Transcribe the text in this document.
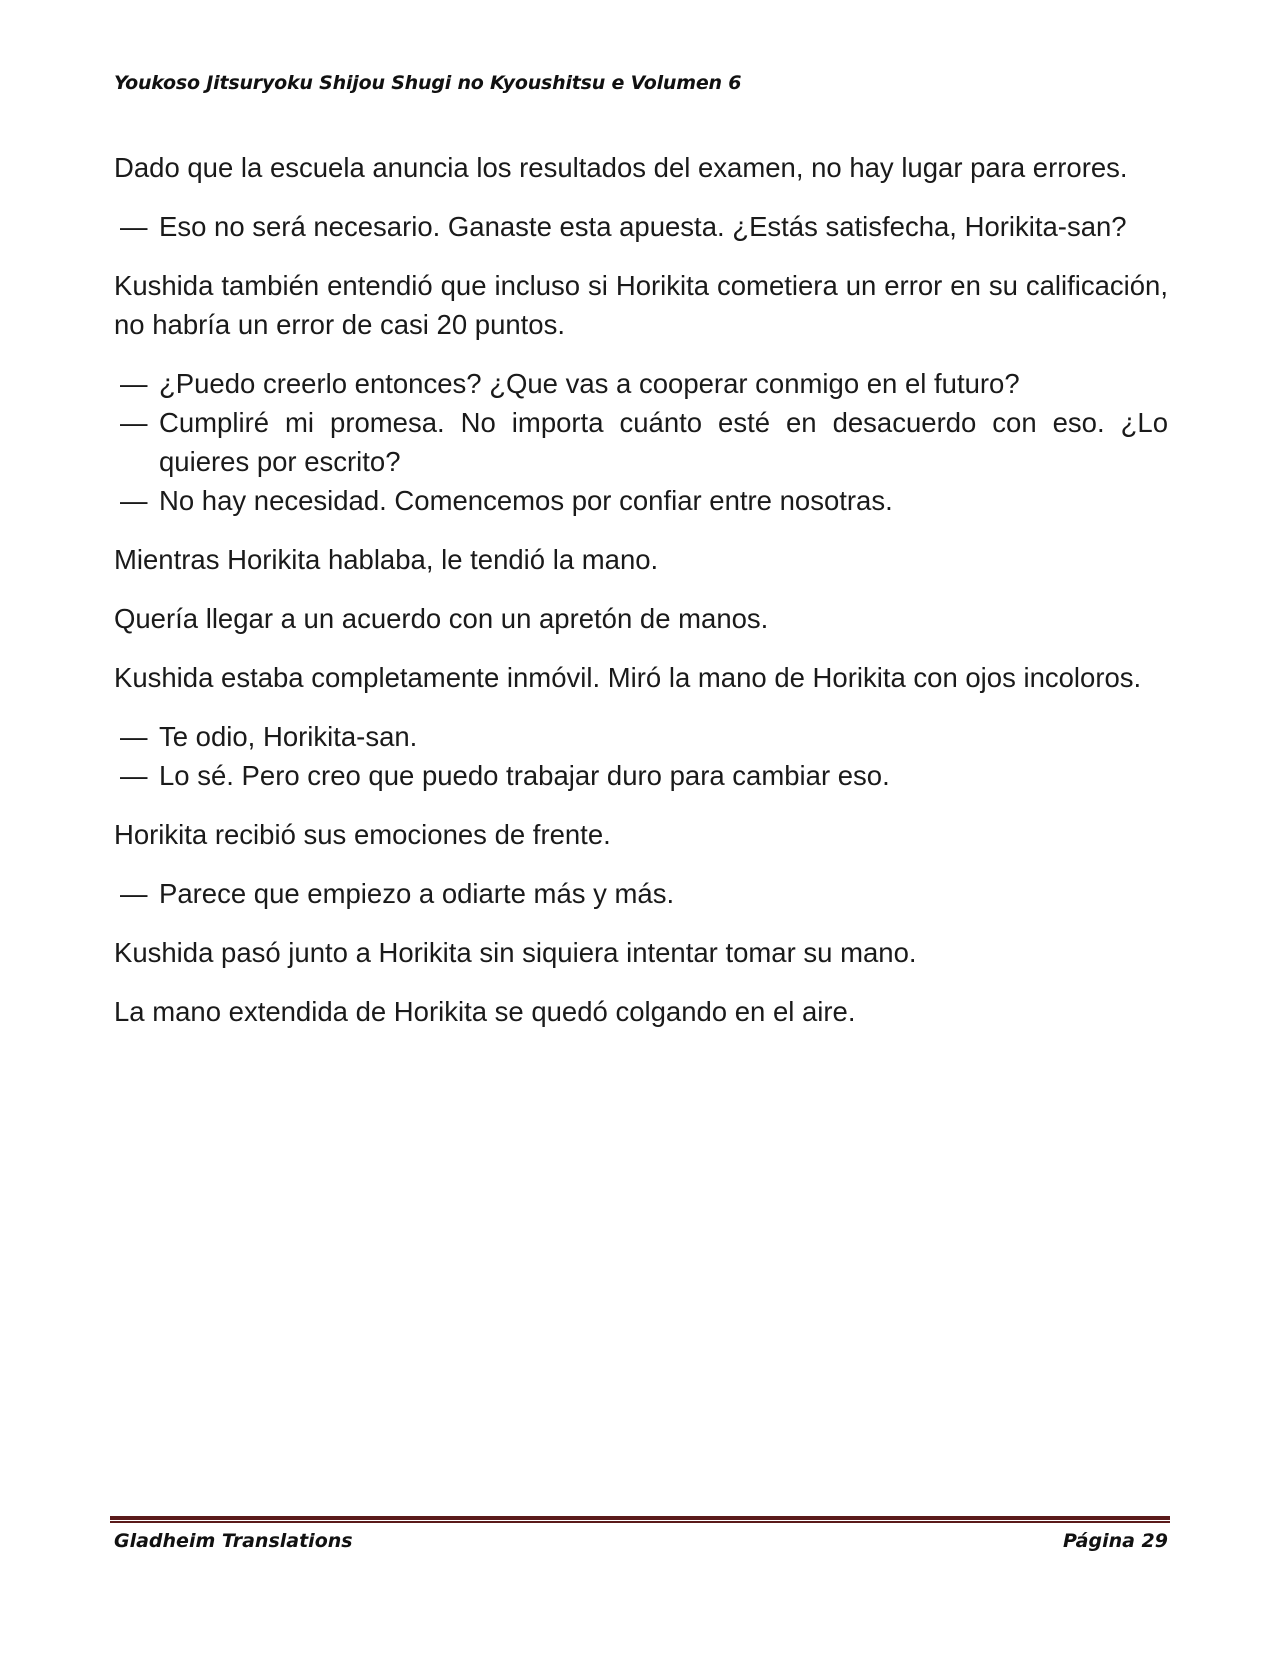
Youkoso Jitsuryoku Shijou Shugi no Kyoushitsu e Volumen 6

Dado que la escuela anuncia los resultados del examen, no hay lugar para errores.

— Eso no será necesario. Ganaste esta apuesta. ¿Estás satisfecha, Horikita-san?

Kushida también entendió que incluso si Horikita cometiera un error en su calificación, no habría un error de casi 20 puntos.

— ¿Puedo creerlo entonces? ¿Que vas a cooperar conmigo en el futuro?

— Cumpliré mi promesa. No importa cuánto esté en desacuerdo con eso. ¿Lo quieres por escrito?

— No hay necesidad. Comencemos por confiar entre nosotras.

Mientras Horikita hablaba, le tendió la mano.

Quería llegar a un acuerdo con un apretón de manos.

Kushida estaba completamente inmóvil. Miró la mano de Horikita con ojos incoloros.

— Te odio, Horikita-san.

— Lo sé. Pero creo que puedo trabajar duro para cambiar eso.

Horikita recibió sus emociones de frente.

— Parece que empiezo a odiarte más y más.

Kushida pasó junto a Horikita sin siquiera intentar tomar su mano.

La mano extendida de Horikita se quedó colgando en el aire.

Gladheim Translations	Página 29
